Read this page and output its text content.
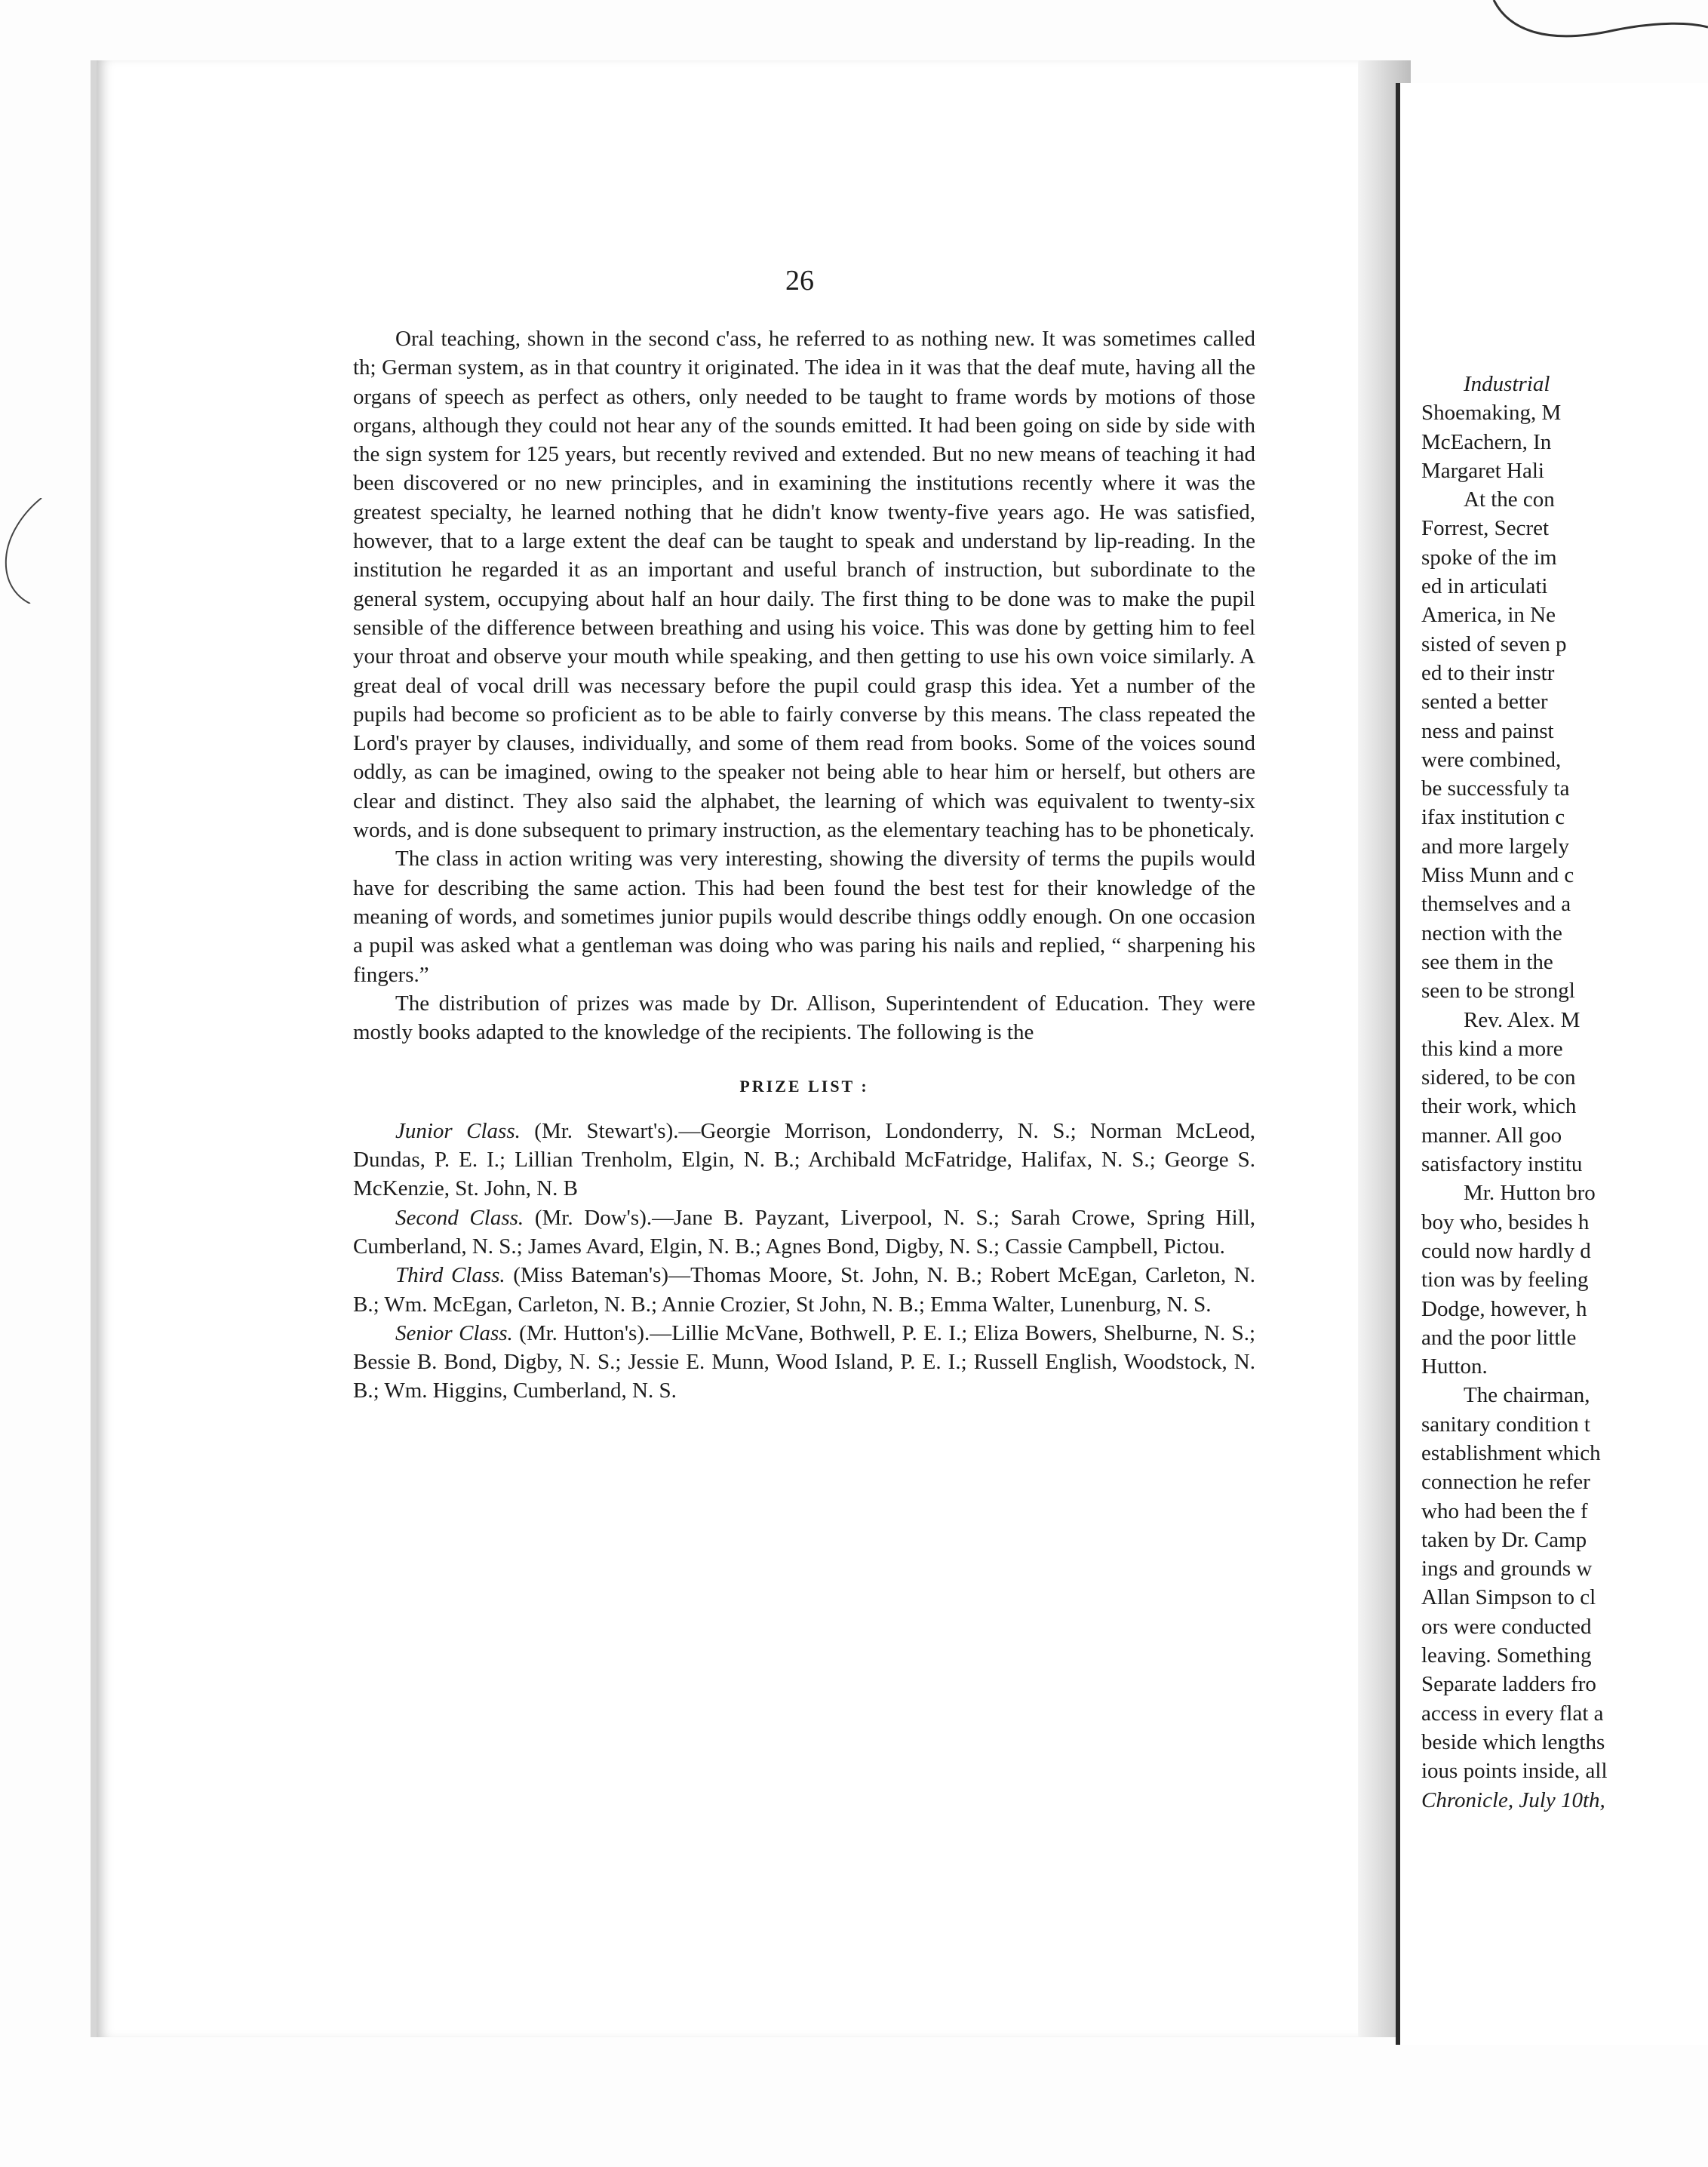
26

Oral teaching, shown in the second c'ass, he referred to as nothing new. It was sometimes called th; German system, as in that country it originated. The idea in it was that the deaf mute, having all the organs of speech as perfect as others, only needed to be taught to frame words by motions of those organs, although they could not hear any of the sounds emitted. It had been going on side by side with the sign system for 125 years, but recently revived and extended. But no new means of teaching it had been discovered or no new principles, and in examining the institutions recently where it was the greatest specialty, he learned nothing that he didn't know twenty-five years ago. He was satisfied, however, that to a large extent the deaf can be taught to speak and understand by lip-reading. In the institution he regarded it as an important and useful branch of instruction, but subordinate to the general system, occupying about half an hour daily. The first thing to be done was to make the pupil sensible of the difference between breathing and using his voice. This was done by getting him to feel your throat and observe your mouth while speaking, and then getting to use his own voice similarly. A great deal of vocal drill was necessary before the pupil could grasp this idea. Yet a number of the pupils had become so proficient as to be able to fairly converse by this means. The class repeated the Lord's prayer by clauses, individually, and some of them read from books. Some of the voices sound oddly, as can be imagined, owing to the speaker not being able to hear him or herself, but others are clear and distinct. They also said the alphabet, the learning of which was equivalent to twenty-six words, and is done subsequent to primary instruction, as the elementary teaching has to be phoneticaly.

The class in action writing was very interesting, showing the diversity of terms the pupils would have for describing the same action. This had been found the best test for their knowledge of the meaning of words, and sometimes junior pupils would describe things oddly enough. On one occasion a pupil was asked what a gentleman was doing who was paring his nails and replied, “ sharpening his fingers.”

The distribution of prizes was made by Dr. Allison, Superintendent of Education. They were mostly books adapted to the knowledge of the recipients. The following is the

PRIZE LIST :

Junior Class. (Mr. Stewart's).—Georgie Morrison, Londonderry, N. S.; Norman McLeod, Dundas, P. E. I.; Lillian Trenholm, Elgin, N. B.; Archibald McFatridge, Halifax, N. S.; George S. McKenzie, St. John, N. B

Second Class. (Mr. Dow's).—Jane B. Payzant, Liverpool, N. S.; Sarah Crowe, Spring Hill, Cumberland, N. S.; James Avard, Elgin, N. B.; Agnes Bond, Digby, N. S.; Cassie Campbell, Pictou.

Third Class. (Miss Bateman's)—Thomas Moore, St. John, N. B.; Robert McEgan, Carleton, N. B.; Wm. McEgan, Carleton, N. B.; Annie Crozier, St John, N. B.; Emma Walter, Lunenburg, N. S.

Senior Class. (Mr. Hutton's).—Lillie McVane, Bothwell, P. E. I.; Eliza Bowers, Shelburne, N. S.; Bessie B. Bond, Digby, N. S.; Jessie E. Munn, Wood Island, P. E. I.; Russell English, Woodstock, N. B.; Wm. Higgins, Cumberland, N. S.

Industrial
Shoemaking, M
McEachern, In
Margaret Hali
At the con
Forrest, Secret
spoke of the im
ed in articulati
America, in Ne
sisted of seven p
ed to their instr
sented a better
ness and painst
were combined,
be successfuly ta
ifax institution c
and more largely
Miss Munn and c
themselves and a
nection with the
see them in the
seen to be strongl
Rev. Alex. M
this kind a more
sidered, to be con
their work, which
manner. All goo
satisfactory institu
Mr. Hutton bro
boy who, besides h
could now hardly d
tion was by feeling
Dodge, however, h
and the poor little
Hutton.
The chairman,
sanitary condition t
establishment which
connection he refer
who had been the f
taken by Dr. Camp
ings and grounds w
Allan Simpson to cl
ors were conducted
leaving. Something
Separate ladders fro
access in every flat a
beside which lengths
ious points inside, all
Chronicle, July 10th,
